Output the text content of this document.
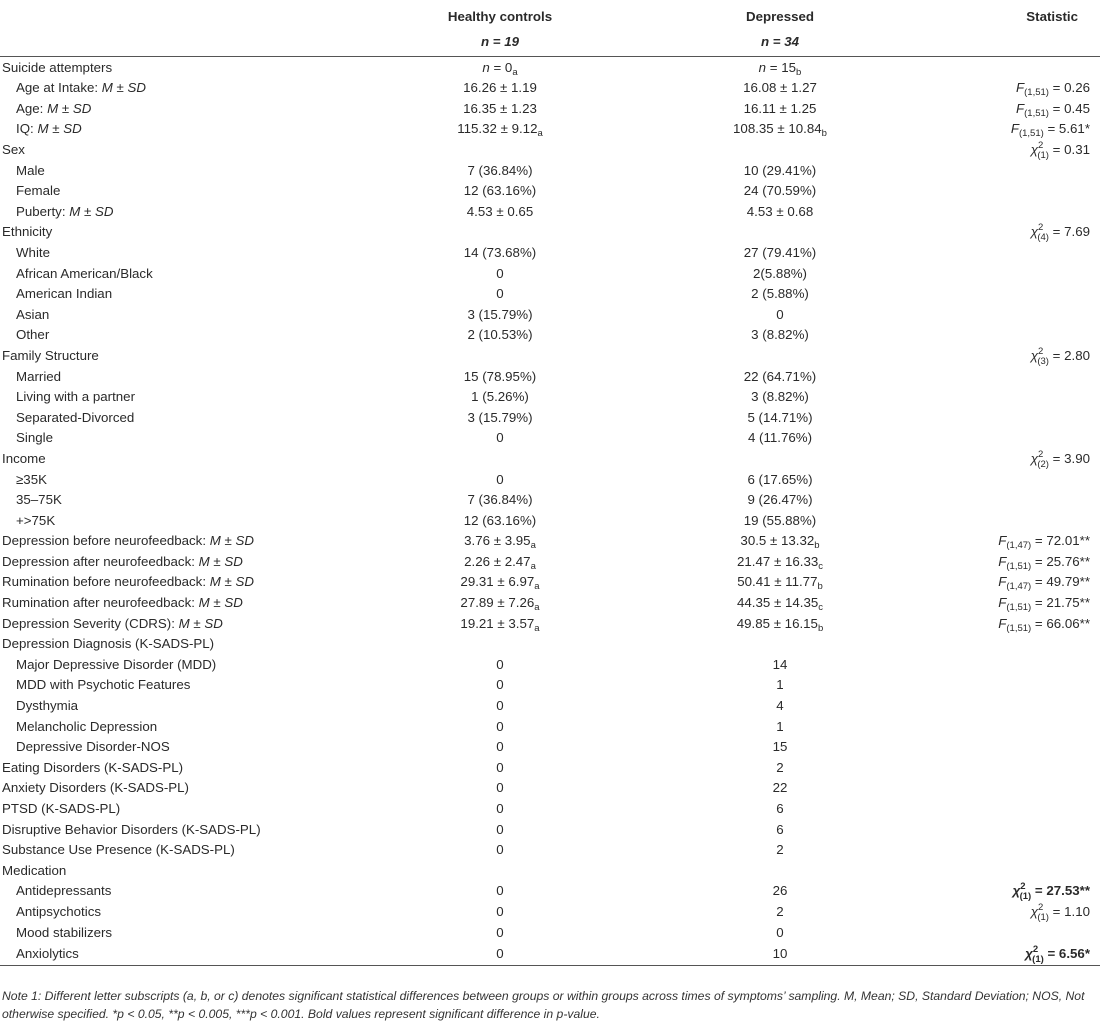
	Healthy controls	Depressed	Statistic
	n = 19	n = 34	
Suicide attempters	$n = 0_a$	$n = 15_b$	
Age at Intake: M ± SD	16.26 ± 1.19	16.08 ± 1.27	$F_{(1,51)} = 0.26$
Age: M ± SD	16.35 ± 1.23	16.11 ± 1.25	$F_{(1,51)} = 0.45$
IQ: M ± SD	$115.32 \pm 9.12_a$	$108.35 \pm 10.84_b$	$F_{(1,51)} = 5.61*$
Sex			$\chi^2_{(1)} = 0.31$
Male	7 (36.84%)	10 (29.41%)	
Female	12 (63.16%)	24 (70.59%)	
Puberty: M ± SD	4.53 ± 0.65	4.53 ± 0.68	
Ethnicity			$\chi^2_{(4)} = 7.69$
White	14 (73.68%)	27 (79.41%)	
African American/Black	0	2(5.88%)	
American Indian	0	2 (5.88%)	
Asian	3 (15.79%)	0	
Other	2 (10.53%)	3 (8.82%)	
Family Structure			$\chi^2_{(3)} = 2.80$
Married	15 (78.95%)	22 (64.71%)	
Living with a partner	1 (5.26%)	3 (8.82%)	
Separated-Divorced	3 (15.79%)	5 (14.71%)	
Single	0	4 (11.76%)	
Income			$\chi^2_{(2)} = 3.90$
≥35K	0	6 (17.65%)	
35–75K	7 (36.84%)	9 (26.47%)	
+>75K	12 (63.16%)	19 (55.88%)	
Depression before neurofeedback: M ± SD	$3.76 \pm 3.95_a$	$30.5 \pm 13.32_b$	$F_{(1,47)} = 72.01**$
Depression after neurofeedback: M ± SD	$2.26 \pm 2.47_a$	$21.47 \pm 16.33_c$	$F_{(1,51)} = 25.76**$
Rumination before neurofeedback: M ± SD	$29.31 \pm 6.97_a$	$50.41 \pm 11.77_b$	$F_{(1,47)} = 49.79**$
Rumination after neurofeedback: M ± SD	$27.89 \pm 7.26_a$	$44.35 \pm 14.35_c$	$F_{(1,51)} = 21.75**$
Depression Severity (CDRS): M ± SD	$19.21 \pm 3.57_a$	$49.85 \pm 16.15_b$	$F_{(1,51)} = 66.06**$
Depression Diagnosis (K-SADS-PL)			
Major Depressive Disorder (MDD)	0	14	
MDD with Psychotic Features	0	1	
Dysthymia	0	4	
Melancholic Depression	0	1	
Depressive Disorder-NOS	0	15	
Eating Disorders (K-SADS-PL)	0	2	
Anxiety Disorders (K-SADS-PL)	0	22	
PTSD (K-SADS-PL)	0	6	
Disruptive Behavior Disorders (K-SADS-PL)	0	6	
Substance Use Presence (K-SADS-PL)	0	2	
Medication			
Antidepressants	0	26	$\chi^2_{(1)} = 27.53**$
Antipsychotics	0	2	$\chi^2_{(1)} = 1.10$
Mood stabilizers	0	0	
Anxiolytics	0	10	$\chi^2_{(1)} = 6.56*$
Note 1: Different letter subscripts (a, b, or c) denotes significant statistical differences between groups or within groups across times of symptoms’ sampling. M, Mean; SD, Standard Deviation; NOS, Not otherwise specified. *p < 0.05, **p < 0.005, ***p < 0.001. Bold values represent significant difference in p-value.
